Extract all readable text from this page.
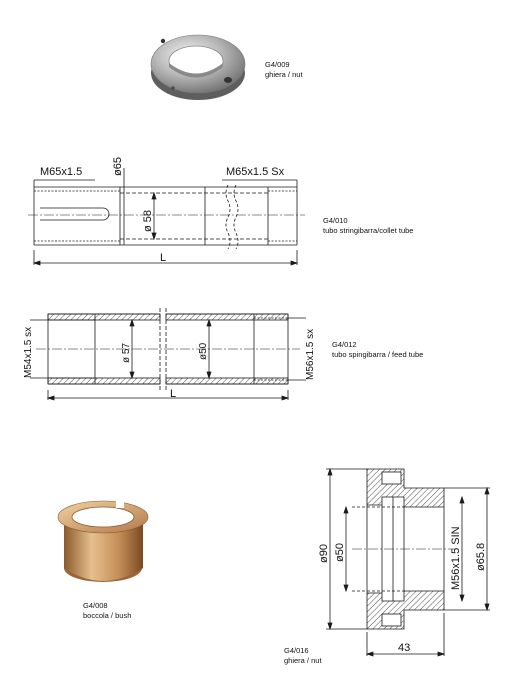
M65x1.5	ø65	M65x1.5 Sx
ø 58
L
M54x1.5 sx	ø 57	ø50	M56x1.5 sx
L
ø90 ø50	M56x1.5 SIN ø65.8
43
G4/009
ghiera / nut
G4/010
tubo stringibarra/collet tube
G4/012
tubo spingibarra / feed tube
G4/008
boccola / bush
G4/016
ghiera / nut
